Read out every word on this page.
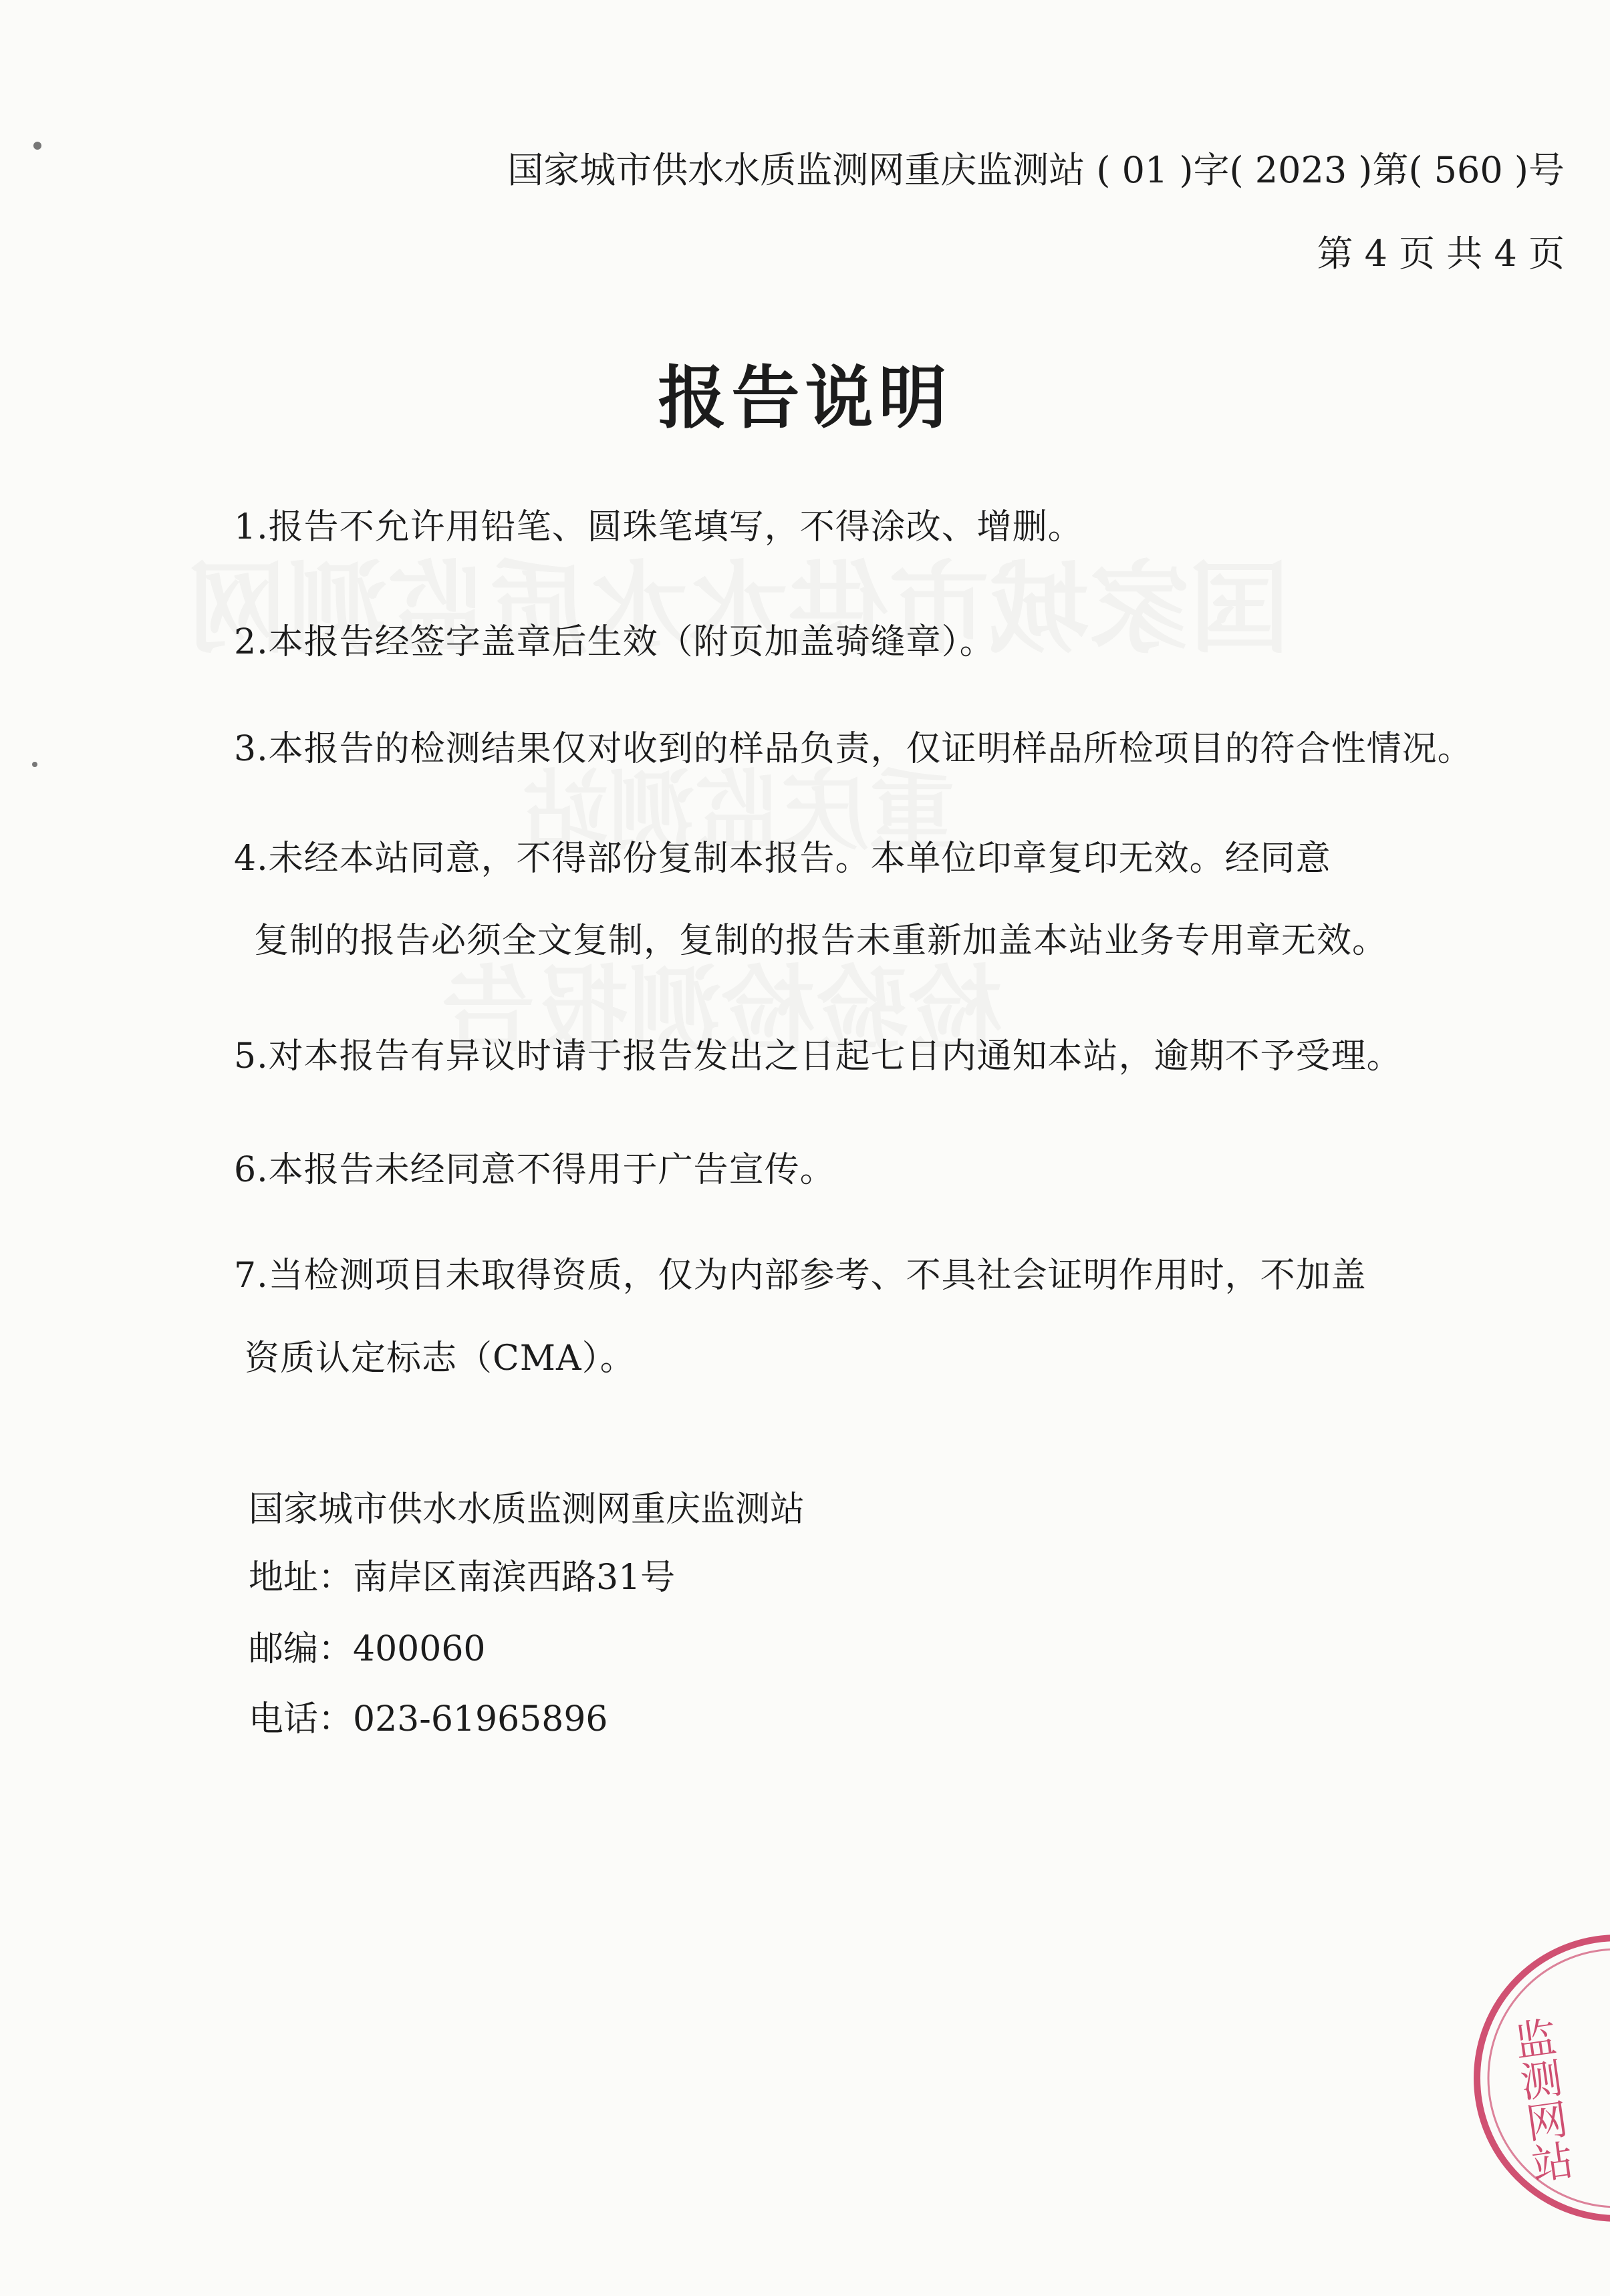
国家城市供水水质监测网重庆监测站 ( 01 )字( 2023 )第( 560 )号
第 4 页 共 4 页
报告说明
1.报告不允许用铅笔、圆珠笔填写，不得涂改、增删。
2.本报告经签字盖章后生效（附页加盖骑缝章）。
3.本报告的检测结果仅对收到的样品负责，仅证明样品所检项目的符合性情况。
4.未经本站同意，不得部份复制本报告。本单位印章复印无效。经同意
复制的报告必须全文复制，复制的报告未重新加盖本站业务专用章无效。
5.对本报告有异议时请于报告发出之日起七日内通知本站，逾期不予受理。
6.本报告未经同意不得用于广告宣传。
7.当检测项目未取得资质，仅为内部参考、不具社会证明作用时，不加盖
资质认定标志（CMA）。
国家城市供水水质监测网重庆监测站
地址：南岸区南滨西路31号
邮编：400060
电话：023-61965896
监测网站
